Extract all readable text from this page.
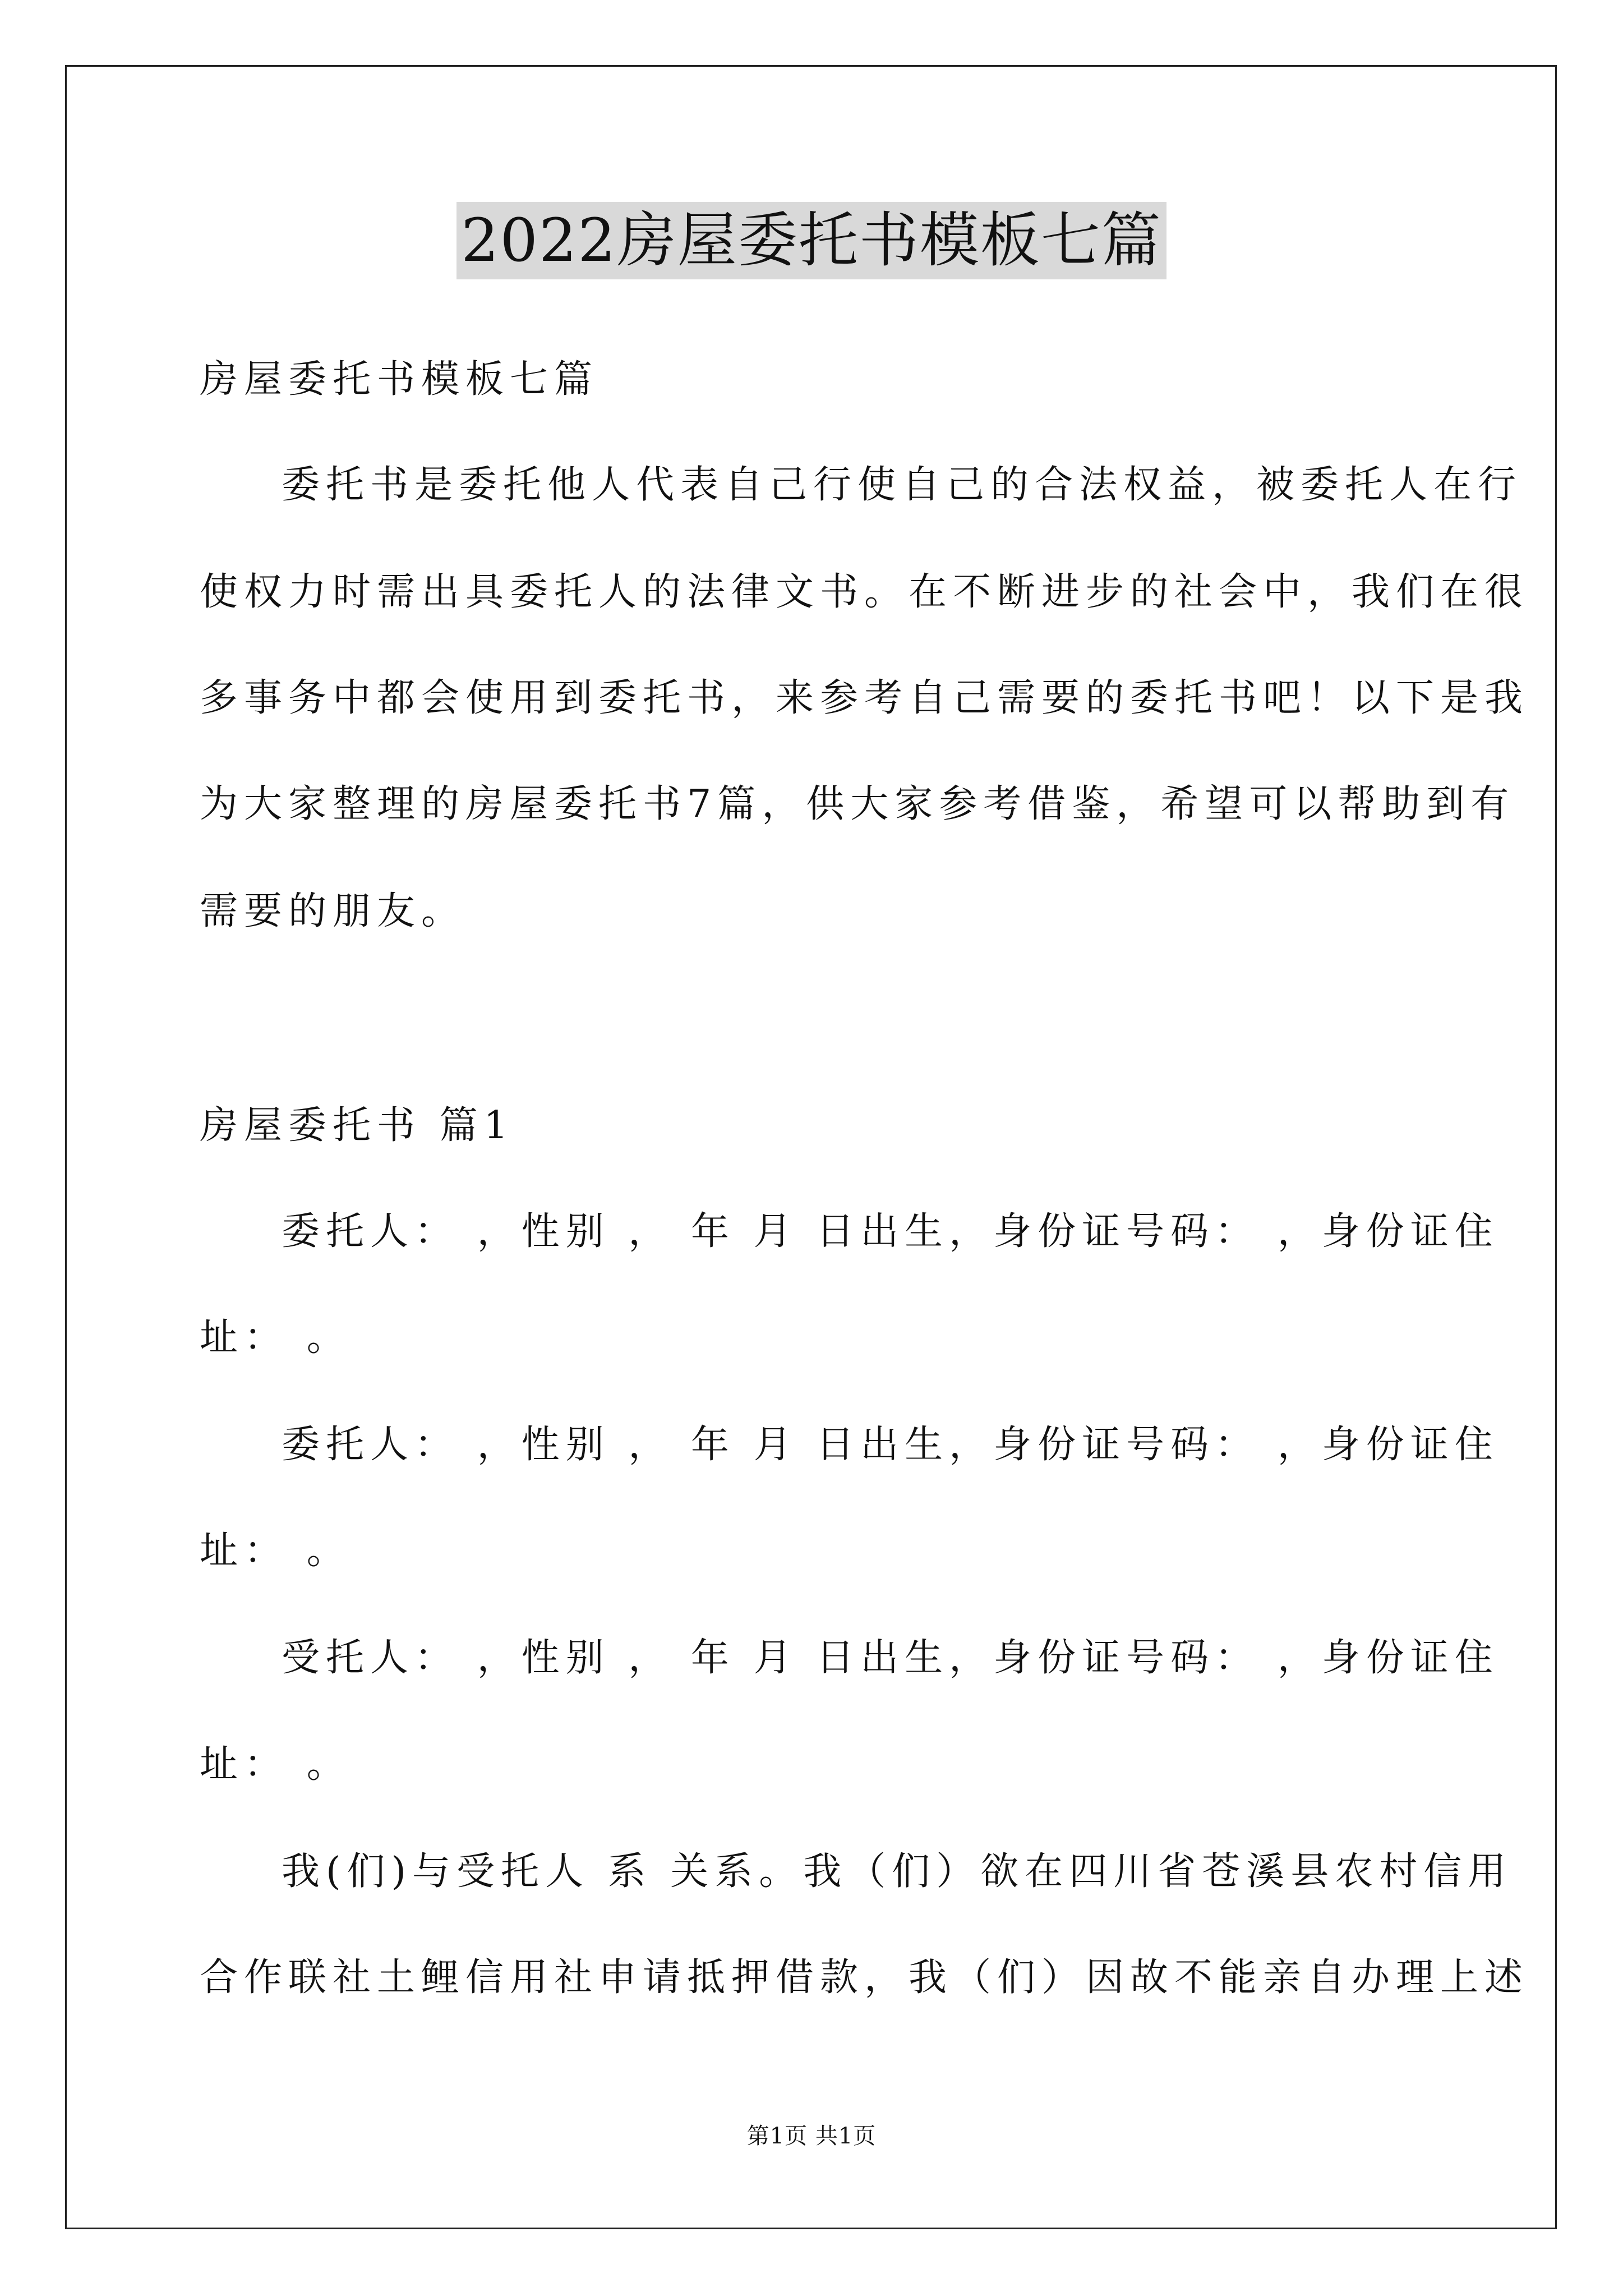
2022房屋委托书模板七篇
房屋委托书模板七篇
委托书是委托他人代表自己行使自己的合法权益，被委托人在行
使权力时需出具委托人的法律文书。在不断进步的社会中，我们在很
多事务中都会使用到委托书，来参考自己需要的委托书吧！以下是我
为大家整理的房屋委托书7篇，供大家参考借鉴，希望可以帮助到有
需要的朋友。
房屋委托书 篇1
委托人： ，性别 ， 年 月 日出生，身份证号码： ，身份证住
址： 。
委托人： ，性别 ， 年 月 日出生，身份证号码： ，身份证住
址： 。
受托人： ，性别 ， 年 月 日出生，身份证号码： ，身份证住
址： 。
我(们)与受托人 系 关系。我（们）欲在四川省苍溪县农村信用
合作联社土鲤信用社申请抵押借款，我（们）因故不能亲自办理上述
第1页 共1页
